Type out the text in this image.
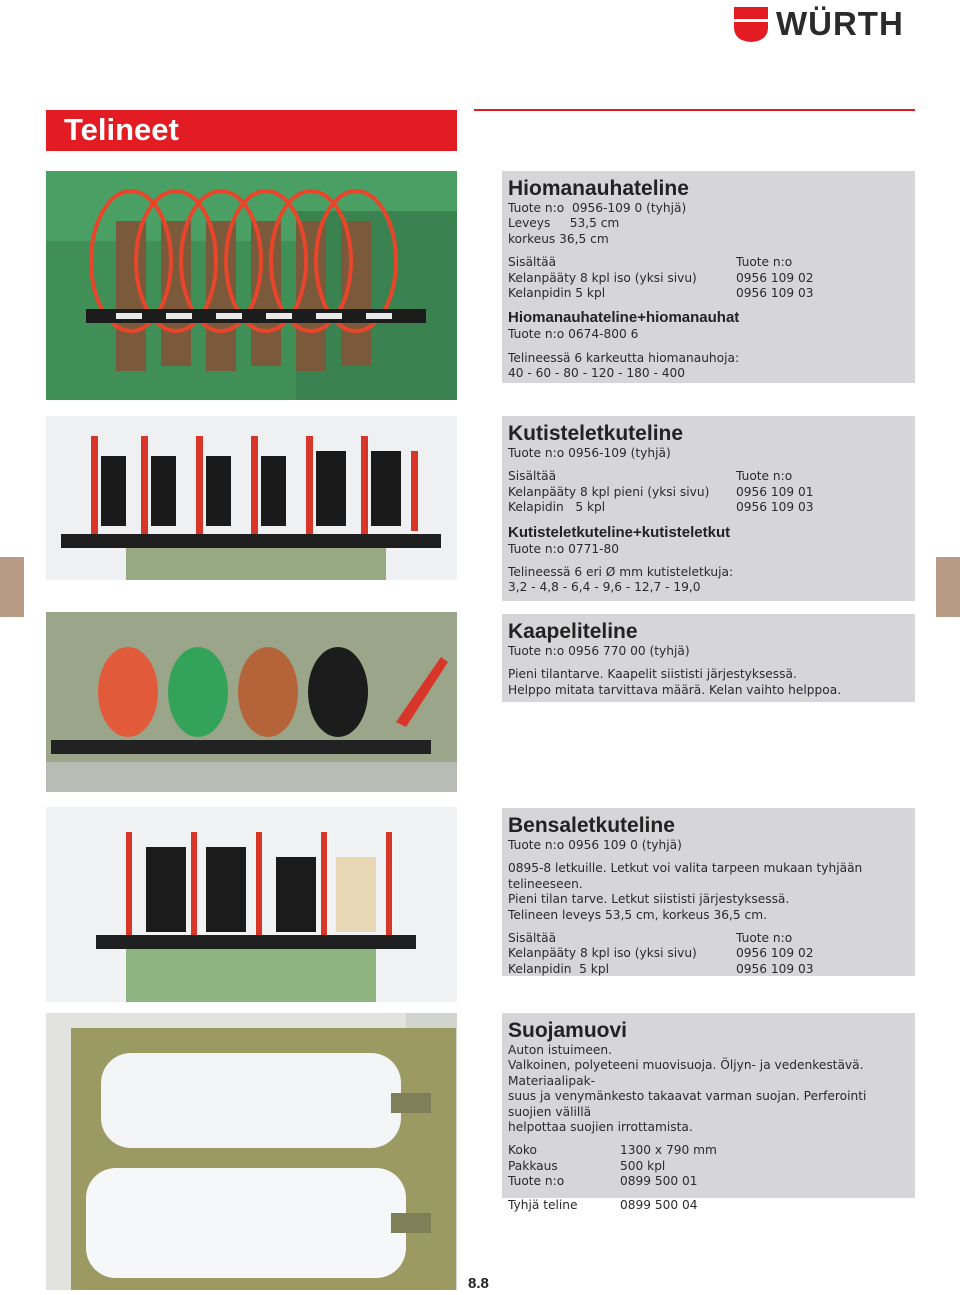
WÜRTH
Telineet
Hiomanauhateline

Tuote n:o  0956-109 0 (tyhjä)

Leveys     53,5 cm

korkeus 36,5 cm

Sisältää	Tuote n:o
Kelanpääty 8 kpl iso (yksi sivu)	0956 109 02
Kelanpidin 5 kpl	0956 109 03
Hiomanauhateline+hiomanauhat

Tuote n:o 0674-800 6

Telineessä 6 karkeutta hiomanauhoja:

40 - 60 - 80 - 120 - 180 - 400

Kutisteletkuteline

Tuote n:o 0956-109 (tyhjä)

Sisältää	Tuote n:o
Kelanpääty 8 kpl pieni (yksi sivu)	0956 109 01
Kelapidin   5 kpl	0956 109 03
Kutisteletkuteline+kutisteletkut

Tuote n:o 0771-80

Telineessä 6 eri Ø mm kutisteletkuja:

3,2 - 4,8 - 6,4 - 9,6 - 12,7 - 19,0

Kaapeliteline

Tuote n:o 0956 770 00 (tyhjä)

Pieni tilantarve. Kaapelit siististi järjestyksessä.

Helppo mitata tarvittava määrä. Kelan vaihto helppoa.

Bensaletkuteline

Tuote n:o 0956 109 0 (tyhjä)

0895-8 letkuille. Letkut voi valita tarpeen mukaan tyhjään telineeseen.

Pieni tilan tarve. Letkut siististi järjestyksessä.

Telineen leveys 53,5 cm, korkeus 36,5 cm.

Sisältää	Tuote n:o
Kelanpääty 8 kpl iso (yksi sivu)	0956 109 02
Kelanpidin  5 kpl	0956 109 03
Suojamuovi

Auton istuimeen.

Valkoinen, polyeteeni muovisuoja. Öljyn- ja vedenkestävä. Materiaalipak-

suus ja venymänkesto takaavat varman suojan. Perferointi suojien välillä

helpottaa suojien irrottamista.

Koko	1300 x 790 mm
Pakkaus	500 kpl
Tuote n:o	0899 500 01
Tyhjä teline	0899 500 04
8.8
